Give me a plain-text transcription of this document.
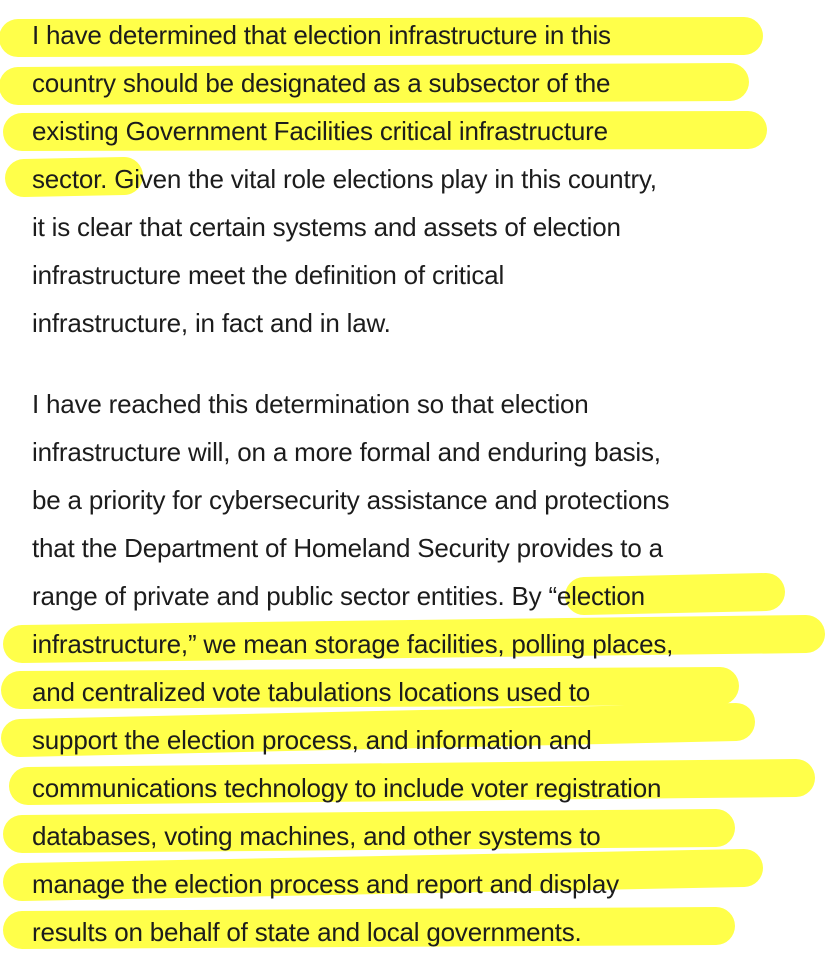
I have determined that election infrastructure in this
country should be designated as a subsector of the
existing Government Facilities critical infrastructure
sector. Given the vital role elections play in this country,
it is clear that certain systems and assets of election
infrastructure meet the definition of critical
infrastructure, in fact and in law.
I have reached this determination so that election
infrastructure will, on a more formal and enduring basis,
be a priority for cybersecurity assistance and protections
that the Department of Homeland Security provides to a
range of private and public sector entities. By “election
infrastructure,” we mean storage facilities, polling places,
and centralized vote tabulations locations used to
support the election process, and information and
communications technology to include voter registration
databases, voting machines, and other systems to
manage the election process and report and display
results on behalf of state and local governments.
